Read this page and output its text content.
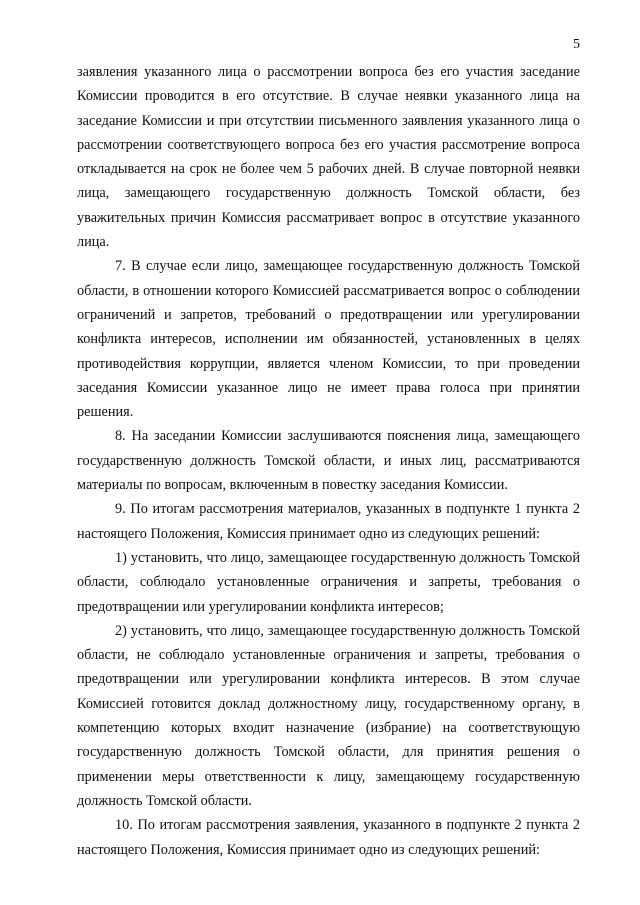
5

заявления указанного лица о рассмотрении вопроса без его участия заседание Комиссии проводится в его отсутствие. В случае неявки указанного лица на заседание Комиссии и при отсутствии письменного заявления указанного лица о рассмотрении соответствующего вопроса без его участия рассмотрение вопроса откладывается на срок не более чем 5 рабочих дней. В случае повторной неявки лица, замещающего государственную должность Томской области, без уважительных причин Комиссия рассматривает вопрос в отсутствие указанного лица.

7. В случае если лицо, замещающее государственную должность Томской области, в отношении которого Комиссией рассматривается вопрос о соблюдении ограничений и запретов, требований о предотвращении или урегулировании конфликта интересов, исполнении им обязанностей, установленных в целях противодействия коррупции, является членом Комиссии, то при проведении заседания Комиссии указанное лицо не имеет права голоса при принятии решения.

8. На заседании Комиссии заслушиваются пояснения лица, замещающего государственную должность Томской области, и иных лиц, рассматриваются материалы по вопросам, включенным в повестку заседания Комиссии.

9. По итогам рассмотрения материалов, указанных в подпункте 1 пункта 2 настоящего Положения, Комиссия принимает одно из следующих решений:

1) установить, что лицо, замещающее государственную должность Томской области, соблюдало установленные ограничения и запреты, требования о предотвращении или урегулировании конфликта интересов;

2) установить, что лицо, замещающее государственную должность Томской области, не соблюдало установленные ограничения и запреты, требования о предотвращении или урегулировании конфликта интересов. В этом случае Комиссией готовится доклад должностному лицу, государственному органу, в компетенцию которых входит назначение (избрание) на соответствующую государственную должность Томской области, для принятия решения о применении меры ответственности к лицу, замещающему государственную должность Томской области.

10. По итогам рассмотрения заявления, указанного в подпункте 2 пункта 2 настоящего Положения, Комиссия принимает одно из следующих решений:
